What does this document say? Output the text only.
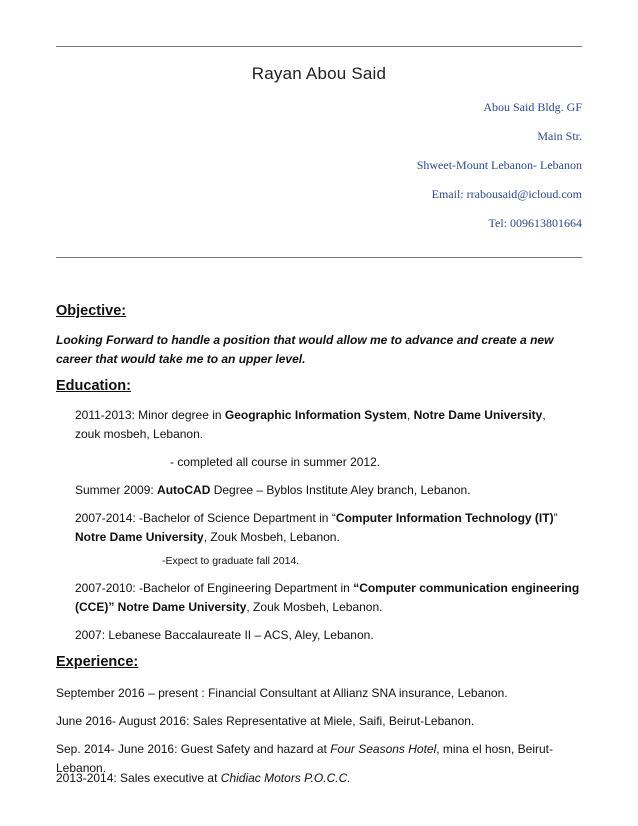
Rayan Abou Said
Abou Said Bldg. GF
Main Str.
Shweet-Mount Lebanon- Lebanon
Email: rrabousaid@icloud.com
Tel: 009613801664
Objective:
Looking Forward to handle a position that would allow me to advance and create a new career that would take me to an upper level.
Education:
2011-2013: Minor degree in Geographic Information System, Notre Dame University, zouk mosbeh, Lebanon.
- completed all course in summer 2012.
Summer 2009: AutoCAD Degree – Byblos Institute Aley branch, Lebanon.
2007-2014: -Bachelor of Science Department in “Computer Information Technology (IT)” Notre Dame University, Zouk Mosbeh, Lebanon.
-Expect to graduate fall 2014.
2007-2010: -Bachelor of Engineering Department in “Computer communication engineering (CCE)” Notre Dame University, Zouk Mosbeh, Lebanon.
2007: Lebanese Baccalaureate II – ACS, Aley, Lebanon.
Experience:
September 2016 – present : Financial Consultant at Allianz SNA insurance, Lebanon.
June 2016- August 2016: Sales Representative at Miele, Saifi, Beirut-Lebanon.
Sep. 2014- June 2016: Guest Safety and hazard at Four Seasons Hotel, mina el hosn, Beirut-Lebanon.
2013-2014: Sales executive at Chidiac Motors P.O.C.C.
